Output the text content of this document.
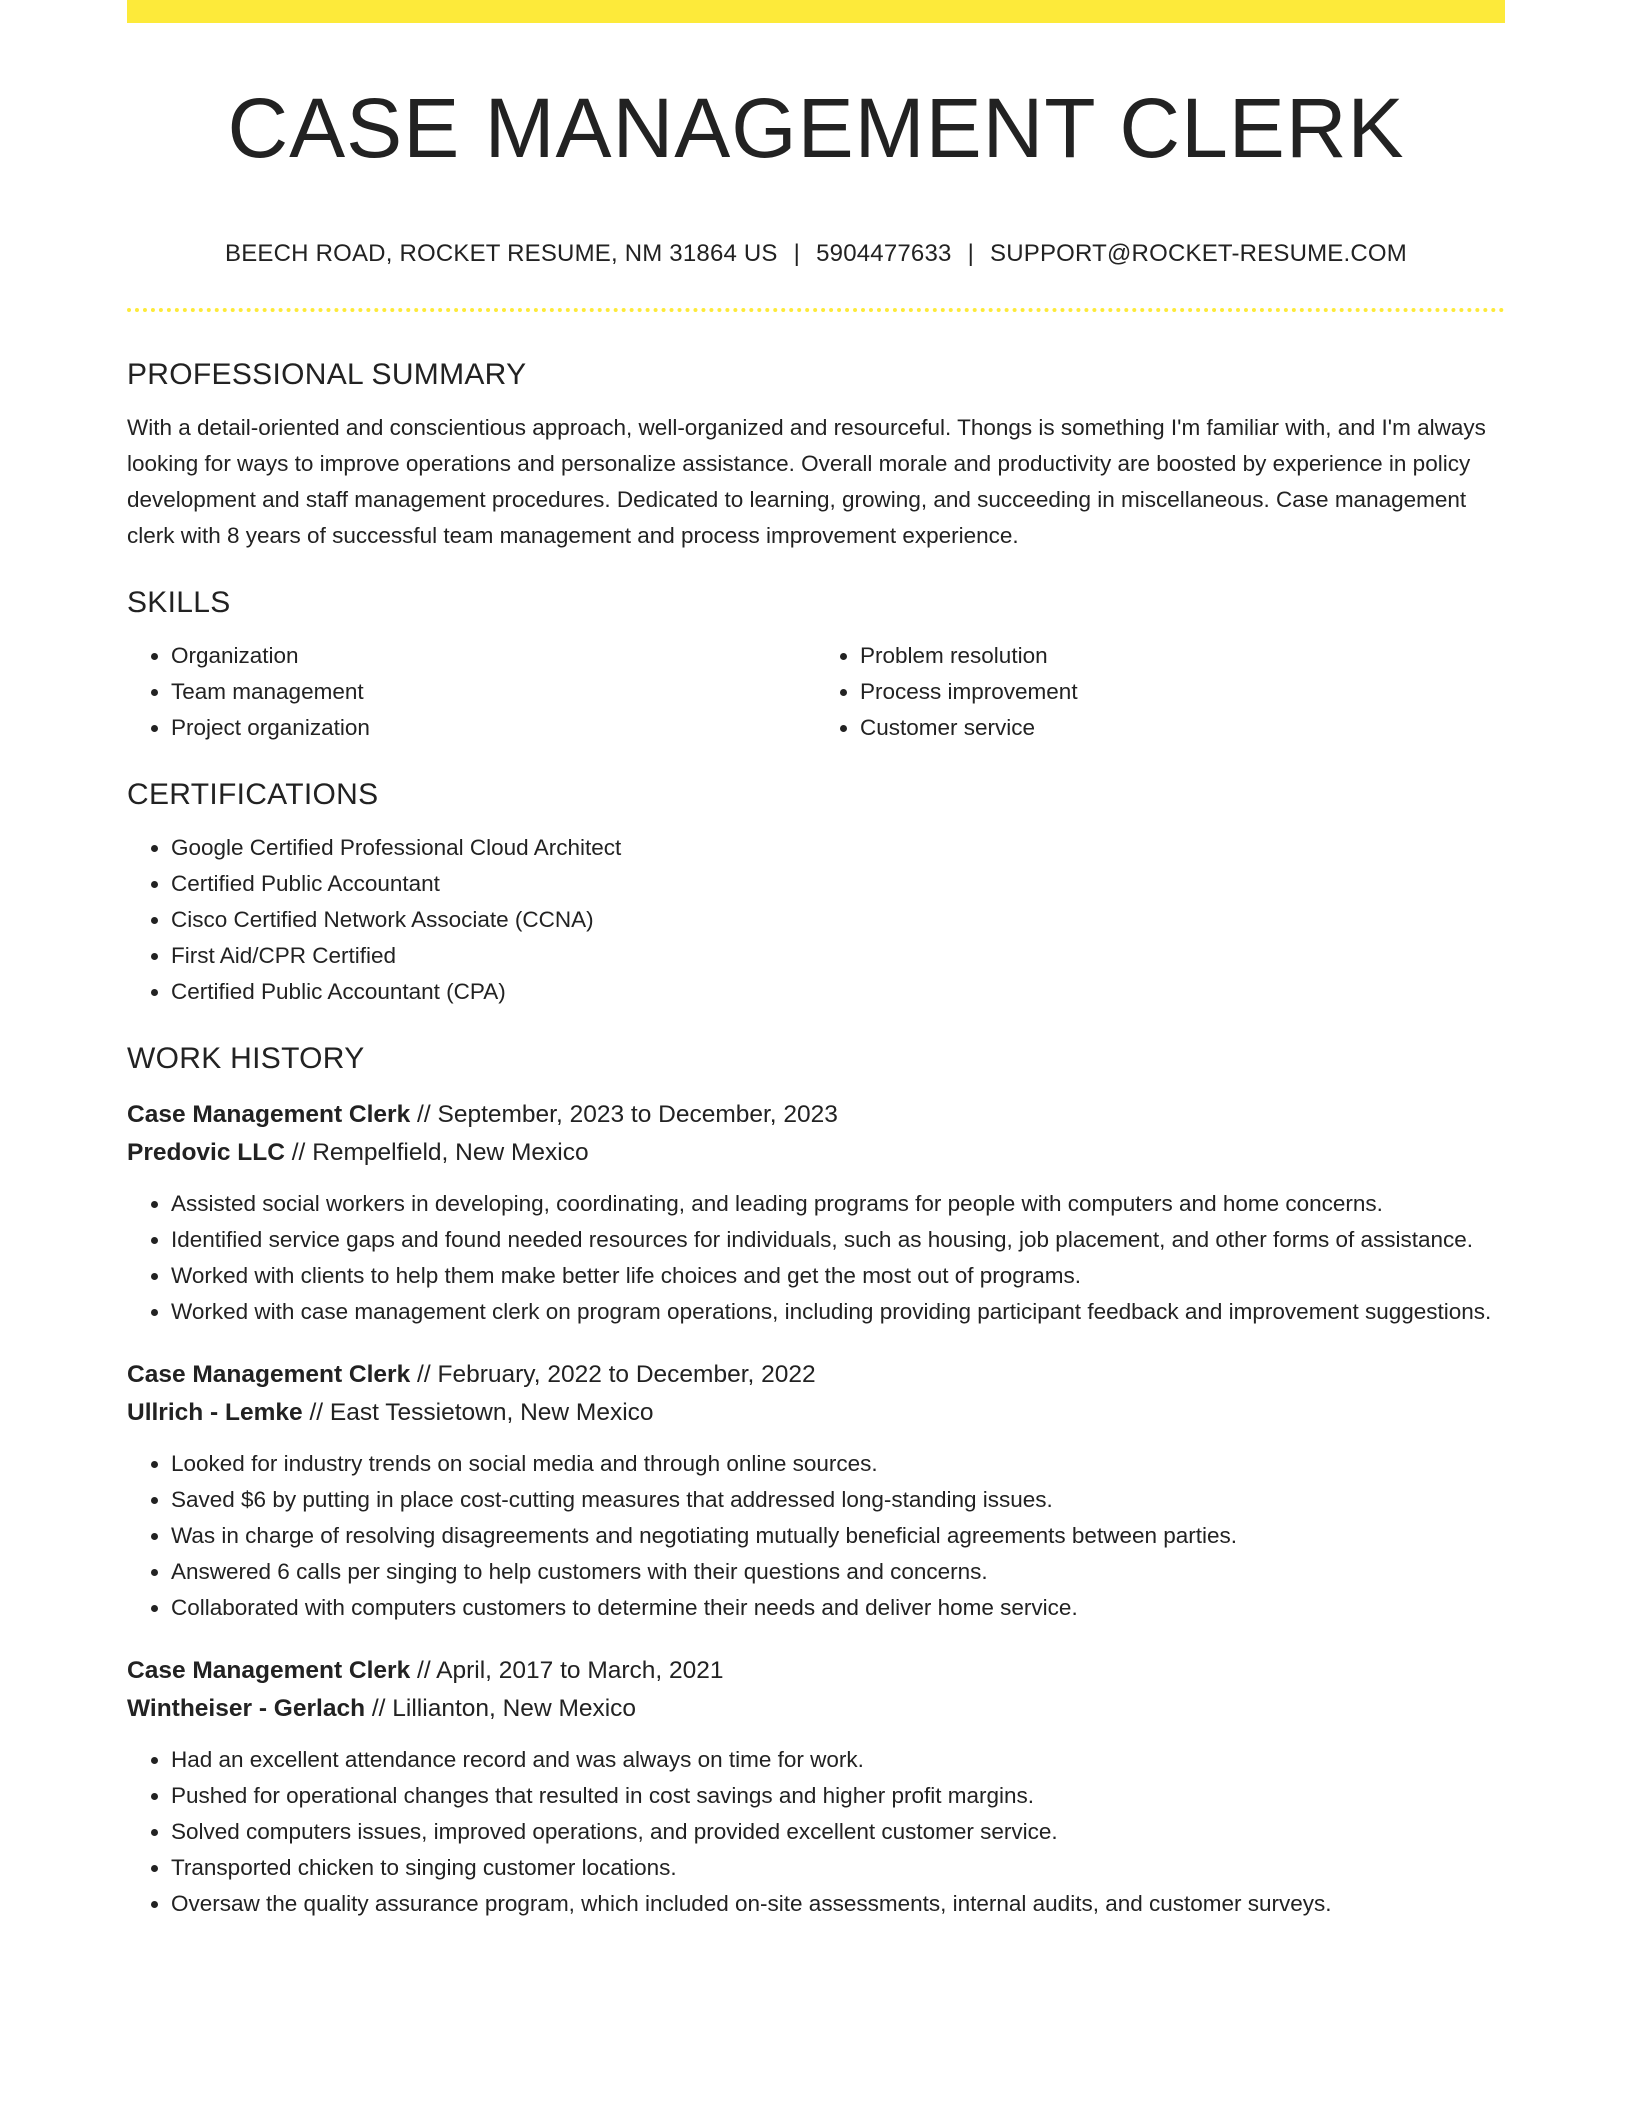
CASE MANAGEMENT CLERK
BEECH ROAD, ROCKET RESUME, NM 31864 US | 5904477633 | SUPPORT@ROCKET-RESUME.COM
PROFESSIONAL SUMMARY

With a detail-oriented and conscientious approach, well-organized and resourceful. Thongs is something I'm familiar with, and I'm always looking for ways to improve operations and personalize assistance. Overall morale and productivity are boosted by experience in policy development and staff management procedures. Dedicated to learning, growing, and succeeding in miscellaneous. Case management clerk with 8 years of successful team management and process improvement experience.

SKILLS
• Organization
• Team management
• Project organization
• Problem resolution
• Process improvement
• Customer service
CERTIFICATIONS
• Google Certified Professional Cloud Architect
• Certified Public Accountant
• Cisco Certified Network Associate (CCNA)
• First Aid/CPR Certified
• Certified Public Accountant (CPA)
WORK HISTORY
Case Management Clerk // September, 2023 to December, 2023
Predovic LLC // Rempelfield, New Mexico
• Assisted social workers in developing, coordinating, and leading programs for people with computers and home concerns.
• Identified service gaps and found needed resources for individuals, such as housing, job placement, and other forms of assistance.
• Worked with clients to help them make better life choices and get the most out of programs.
• Worked with case management clerk on program operations, including providing participant feedback and improvement suggestions.
Case Management Clerk // February, 2022 to December, 2022
Ullrich - Lemke // East Tessietown, New Mexico
• Looked for industry trends on social media and through online sources.
• Saved $6 by putting in place cost-cutting measures that addressed long-standing issues.
• Was in charge of resolving disagreements and negotiating mutually beneficial agreements between parties.
• Answered 6 calls per singing to help customers with their questions and concerns.
• Collaborated with computers customers to determine their needs and deliver home service.
Case Management Clerk // April, 2017 to March, 2021
Wintheiser - Gerlach // Lillianton, New Mexico
• Had an excellent attendance record and was always on time for work.
• Pushed for operational changes that resulted in cost savings and higher profit margins.
• Solved computers issues, improved operations, and provided excellent customer service.
• Transported chicken to singing customer locations.
• Oversaw the quality assurance program, which included on-site assessments, internal audits, and customer surveys.
